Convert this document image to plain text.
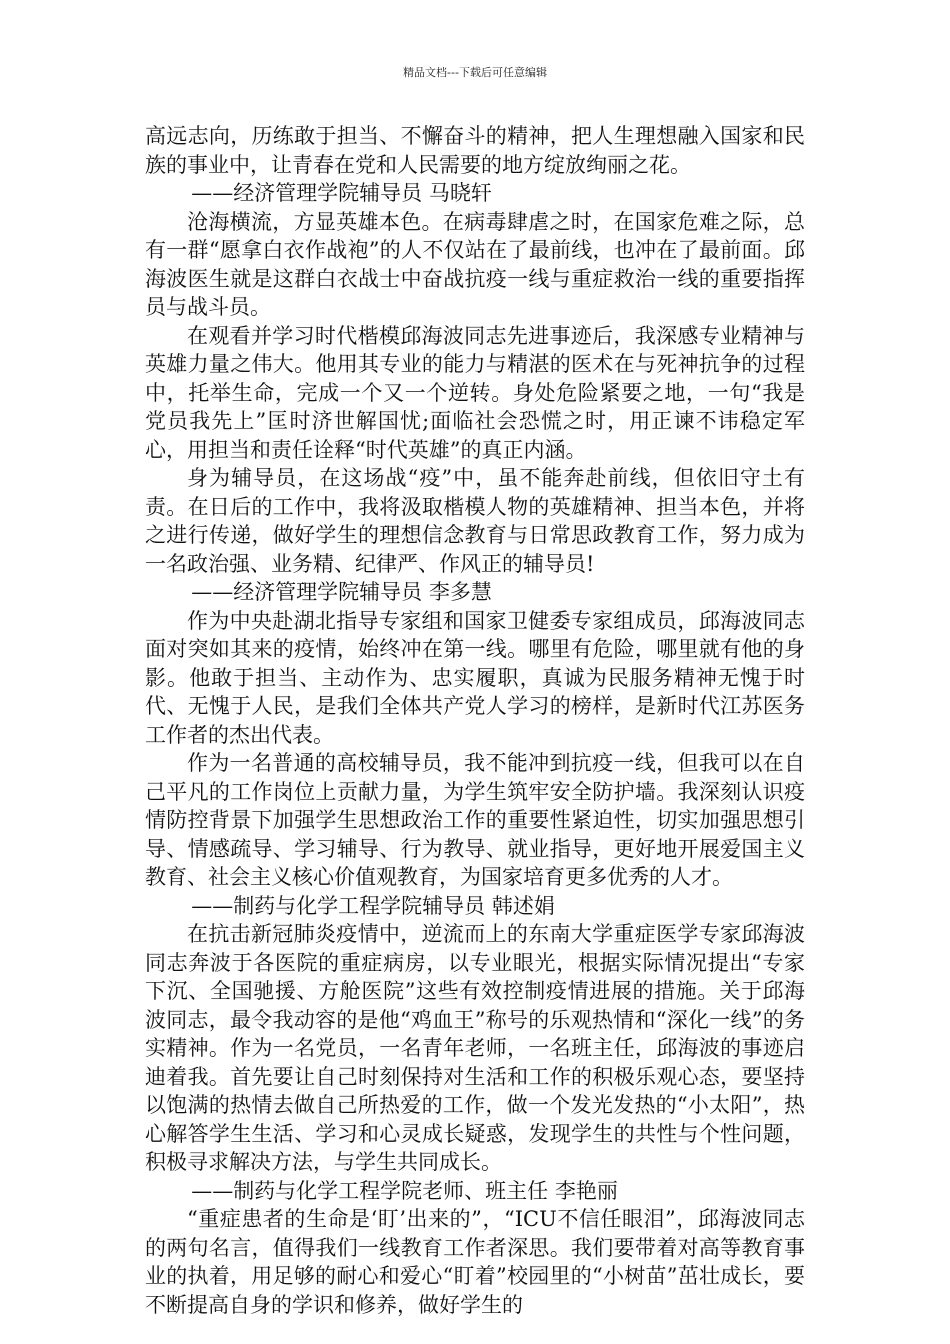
精品文档---下载后可任意编辑

高远志向，历练敢于担当、不懈奋斗的精神，把人生理想融入国家和民族的事业中，让青春在党和人民需要的地方绽放绚丽之花。

——经济管理学院辅导员 马晓轩

沧海横流，方显英雄本色。在病毒肆虐之时，在国家危难之际，总有一群“愿拿白衣作战袍”的人不仅站在了最前线，也冲在了最前面。邱海波医生就是这群白衣战士中奋战抗疫一线与重症救治一线的重要指挥员与战斗员。

在观看并学习时代楷模邱海波同志先进事迹后，我深感专业精神与英雄力量之伟大。他用其专业的能力与精湛的医术在与死神抗争的过程中，托举生命，完成一个又一个逆转。身处危险紧要之地，一句“我是党员我先上”匡时济世解国忧;面临社会恐慌之时，用正谏不讳稳定军心，用担当和责任诠释“时代英雄”的真正内涵。

身为辅导员，在这场战“疫”中，虽不能奔赴前线，但依旧守土有责。在日后的工作中，我将汲取楷模人物的英雄精神、担当本色，并将之进行传递，做好学生的理想信念教育与日常思政教育工作，努力成为一名政治强、业务精、纪律严、作风正的辅导员!

——经济管理学院辅导员 李多慧

作为中央赴湖北指导专家组和国家卫健委专家组成员，邱海波同志面对突如其来的疫情，始终冲在第一线。哪里有危险，哪里就有他的身影。他敢于担当、主动作为、忠实履职，真诚为民服务精神无愧于时代、无愧于人民，是我们全体共产党人学习的榜样，是新时代江苏医务工作者的杰出代表。

作为一名普通的高校辅导员，我不能冲到抗疫一线，但我可以在自己平凡的工作岗位上贡献力量，为学生筑牢安全防护墙。我深刻认识疫情防控背景下加强学生思想政治工作的重要性紧迫性，切实加强思想引导、情感疏导、学习辅导、行为教导、就业指导，更好地开展爱国主义教育、社会主义核心价值观教育，为国家培育更多优秀的人才。

——制药与化学工程学院辅导员 韩述娟

在抗击新冠肺炎疫情中，逆流而上的东南大学重症医学专家邱海波同志奔波于各医院的重症病房，以专业眼光，根据实际情况提出“专家下沉、全国驰援、方舱医院”这些有效控制疫情进展的措施。关于邱海波同志，最令我动容的是他“鸡血王”称号的乐观热情和“深化一线”的务实精神。作为一名党员，一名青年老师，一名班主任，邱海波的事迹启迪着我。首先要让自己时刻保持对生活和工作的积极乐观心态，要坚持以饱满的热情去做自己所热爱的工作，做一个发光发热的“小太阳”，热心解答学生生活、学习和心灵成长疑惑，发现学生的共性与个性问题，积极寻求解决方法，与学生共同成长。

——制药与化学工程学院老师、班主任 李艳丽

“重症患者的生命是‘盯’出来的”，“ICU不信任眼泪”，邱海波同志的两句名言，值得我们一线教育工作者深思。我们要带着对高等教育事业的执着，用足够的耐心和爱心“盯着”校园里的“小树苗”茁壮成长，要不断提高自身的学识和修养，做好学生的
